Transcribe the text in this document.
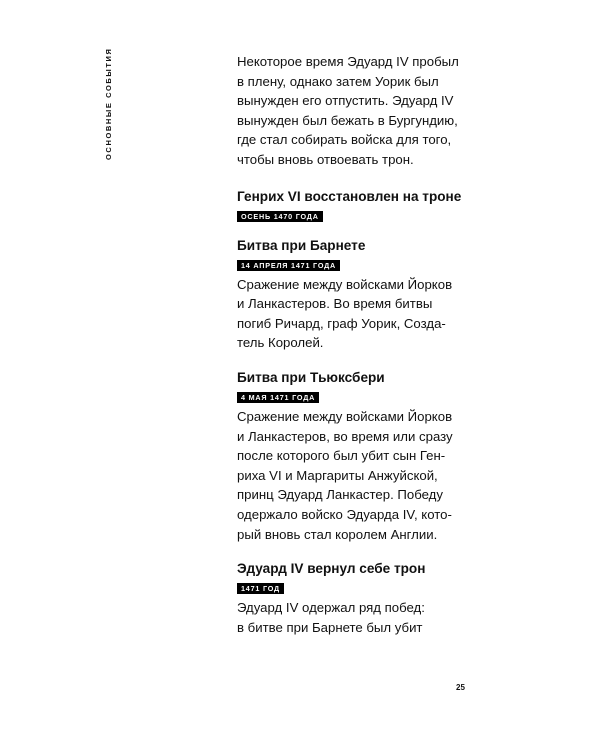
ОСНОВНЫЕ СОБЫТИЯ	Некоторое время Эдуард IV пробыл
в плену, однако затем Уорик был
вынужден его отпустить. Эдуард IV
вынужден был бежать в Бургундию,
где стал собирать войска для того,
чтобы вновь отвоевать трон.

Генрих VI восстановлен на троне

ОСЕНЬ 1470 ГОДА

Битва при Барнете

14 АПРЕЛЯ 1471 ГОДА

Сражение между войсками Йорков
и Ланкастеров. Во время битвы
погиб Ричард, граф Уорик, Созда-
тель Королей.

Битва при Тьюксбери

4 МАЯ 1471 ГОДА

Сражение между войсками Йорков
и Ланкастеров, во время или сразу
после которого был убит сын Ген-
риха VI и Маргариты Анжуйской,
принц Эдуард Ланкастер. Победу
одержало войско Эдуарда IV, кото-
рый вновь стал королем Англии.

Эдуард IV вернул себе трон

1471 ГОД

Эдуард IV одержал ряд побед:
в битве при Барнете был убит

25
